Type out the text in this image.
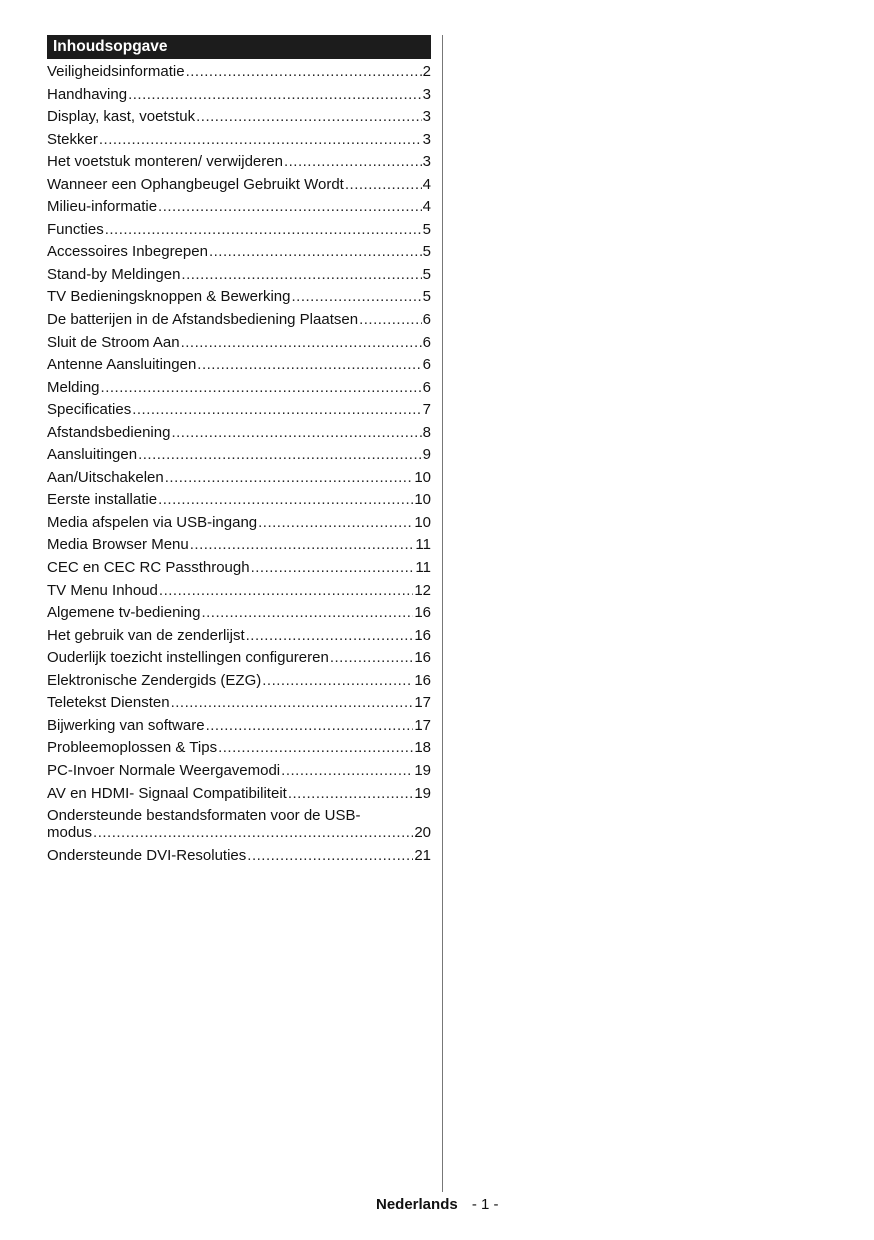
Inhoudsopgave
Veiligheidsinformatie .....	2
Handhaving .....	3
Display, kast, voetstuk .....	3
Stekker .....	3
Het voetstuk monteren/ verwijderen .....	3
Wanneer een Ophangbeugel Gebruikt Wordt .....	4
Milieu-informatie .....	4
Functies .....	5
Accessoires Inbegrepen .....	5
Stand-by Meldingen .....	5
TV Bedieningsknoppen & Bewerking .....	5
De batterijen in de Afstandsbediening Plaatsen .....	6
Sluit de Stroom Aan .....	6
Antenne Aansluitingen .....	6
Melding .....	6
Specificaties .....	7
Afstandsbediening .....	8
Aansluitingen .....	9
Aan/Uitschakelen .....	10
Eerste installatie .....	10
Media afspelen via USB-ingang .....	10
Media Browser Menu .....	11
CEC en CEC RC Passthrough .....	11
TV Menu Inhoud .....	12
Algemene tv-bediening .....	16
Het gebruik van de zenderlijst .....	16
Ouderlijk toezicht instellingen configureren .....	16
Elektronische Zendergids (EZG) .....	16
Teletekst Diensten .....	17
Bijwerking van software .....	17
Probleemoplossen & Tips .....	18
PC-Invoer Normale Weergavemodi .....	19
AV en HDMI- Signaal Compatibiliteit .....	19
Ondersteunde bestandsformaten voor de USB-
modus .....	20
Ondersteunde DVI-Resoluties .....	21
Nederlands - 1 -
